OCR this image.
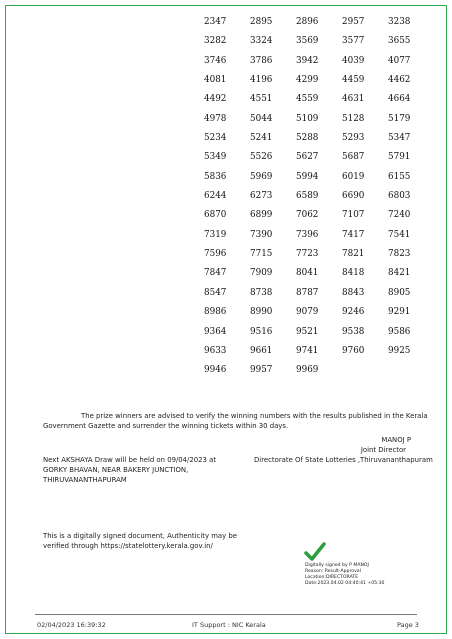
2347	2895	2896	2957	3238
3282	3324	3569	3577	3655
3746	3786	3942	4039	4077
4081	4196	4299	4459	4462
4492	4551	4559	4631	4664
4978	5044	5109	5128	5179
5234	5241	5288	5293	5347
5349	5526	5627	5687	5791
5836	5969	5994	6019	6155
6244	6273	6589	6690	6803
6870	6899	7062	7107	7240
7319	7390	7396	7417	7541
7596	7715	7723	7821	7823
7847	7909	8041	8418	8421
8547	8738	8787	8843	8905
8986	8990	9079	9246	9291
9364	9516	9521	9538	9586
9633	9661	9741	9760	9925
9946	9957	9969
The prize winners are advised to verify the winning numbers with the results published in the Kerala
Government Gazette and surrender the winning tickets within 30 days.
MANOJ P
Joint Director
Next AKSHAYA Draw will be held on 09/04/2023 at	Directorate Of State Lotteries ,Thiruvananthapuram
GORKY BHAVAN, NEAR BAKERY JUNCTION,
THIRUVANANTHAPURAM
This is a digitally signed document, Authenticity may be
verified through https://statelottery.kerala.gov.in/
Digitally signed by P MANOJ
Reason: Result-Approval
Location:DIRECTORATE
Date:2023.04.02 04:40:41 +05:30
02/04/2023 16:39:32	IT Support : NIC Kerala	Page 3
